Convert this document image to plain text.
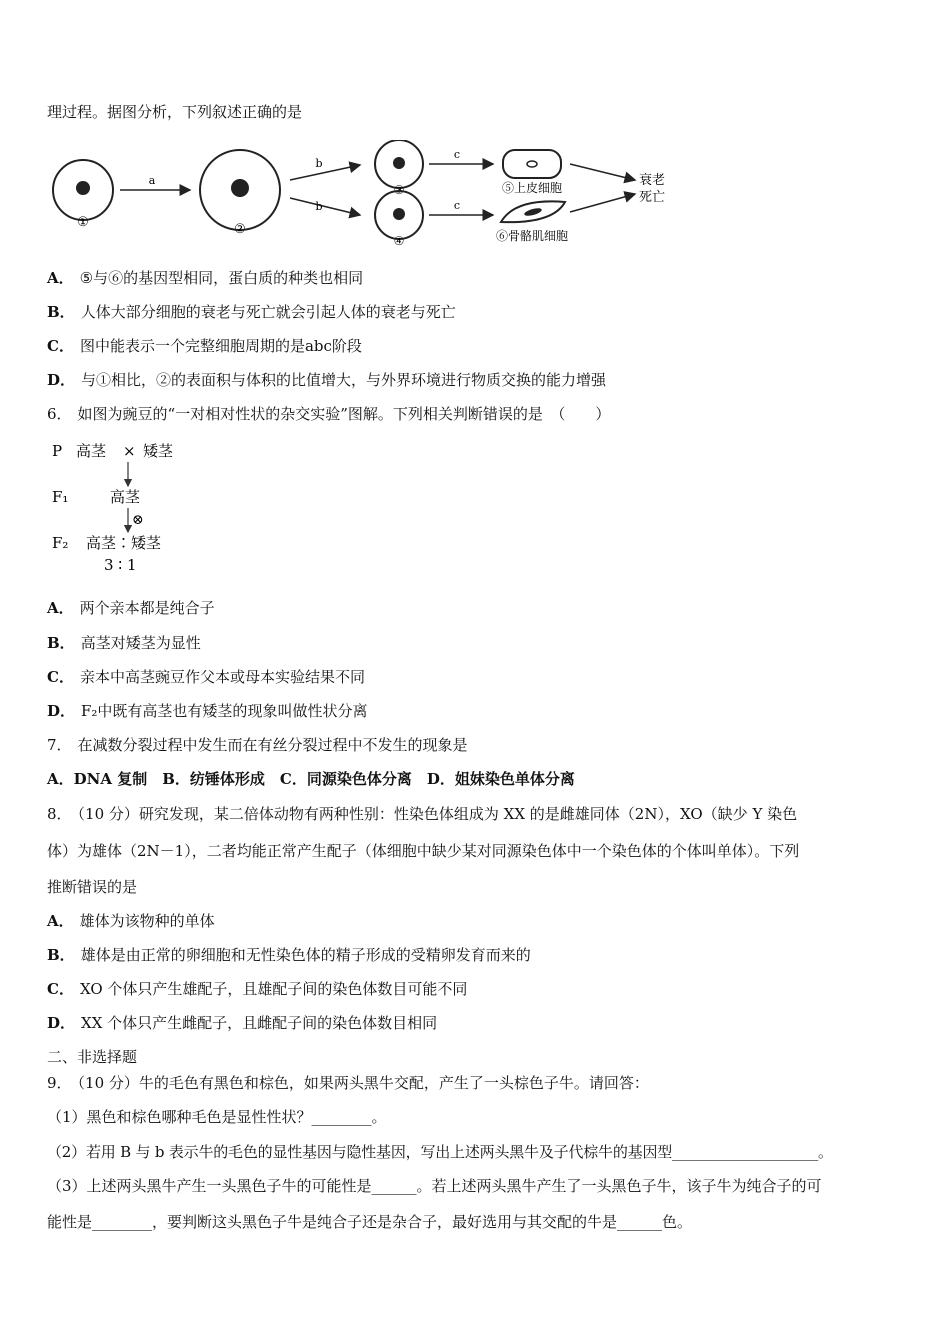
理过程。据图分析，下列叙述正确的是
①
a
②
b
b
③
④
c
c
⑤上皮细胞
⑥骨骼肌细胞
衰老
死亡
A． ⑤与⑥的基因型相同，蛋白质的种类也相同
B． 人体大部分细胞的衰老与死亡就会引起人体的衰老与死亡
C． 图中能表示一个完整细胞周期的是abc阶段
D． 与①相比，②的表面积与体积的比值增大，与外界环境进行物质交换的能力增强
6． 如图为豌豆的“一对相对性状的杂交实验”图解。下列相关判断错误的是　（　　）
P 高茎 × 矮茎
F₁	高茎
⊗
F₂ 高茎∶矮茎
3 ∶ 1
A． 两个亲本都是纯合子
B． 高茎对矮茎为显性
C． 亲本中高茎豌豆作父本或母本实验结果不同
D． F₂中既有高茎也有矮茎的现象叫做性状分离
7． 在减数分裂过程中发生而在有丝分裂过程中不发生的现象是
A．DNA 复制　B．纺锤体形成　C．同源染色体分离　D．姐妹染色单体分离
8． （10 分）研究发现，某二倍体动物有两种性别：性染色体组成为 XX 的是雌雄同体（2N），XO（缺少 Y 染色
体）为雄体（2N－1），二者均能正常产生配子（体细胞中缺少某对同源染色体中一个染色体的个体叫单体）。下列
推断错误的是
A． 雄体为该物种的单体
B． 雄体是由正常的卵细胞和无性染色体的精子形成的受精卵发育而来的
C． XO 个体只产生雄配子，且雄配子间的染色体数目可能不同
D． XX 个体只产生雌配子，且雌配子间的染色体数目相同
二、非选择题
9． （10 分）牛的毛色有黑色和棕色，如果两头黑牛交配，产生了一头棕色子牛。请回答：
（1）黑色和棕色哪种毛色是显性性状？________。
（2）若用 B 与 b 表示牛的毛色的显性基因与隐性基因，写出上述两头黑牛及子代棕牛的基因型____________________。
（3）上述两头黑牛产生一头黑色子牛的可能性是______。若上述两头黑牛产生了一头黑色子牛，该子牛为纯合子的可
能性是________，要判断这头黑色子牛是纯合子还是杂合子，最好选用与其交配的牛是______色。
